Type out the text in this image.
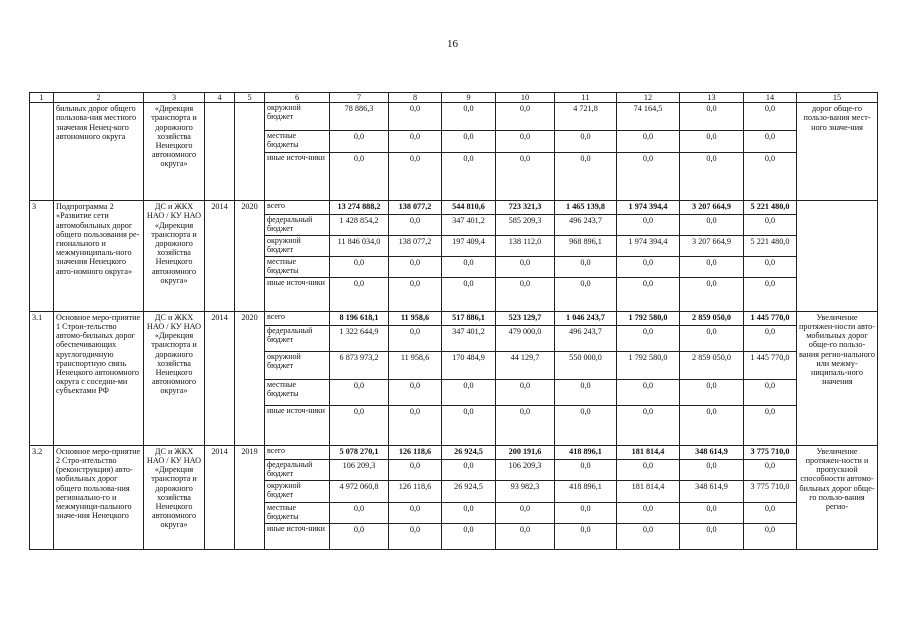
16
1	2	3	4	5	6	7	8	9	10	11	12	13	14	15
	бильных дорог общего пользова-ния местного значения Ненец-кого автономного округа	«Дирекция транспорта и дорожного хозяйства Ненецкого автономного округа»			окружной бюджет	78 886,3	0,0	0,0	0,0	4 721,8	74 164,5	0,0	0,0	дорог обще-го пользо-вания мест-ного значе-ния
					местные бюджеты	0,0	0,0	0,0	0,0	0,0	0,0	0,0	0,0	
					иные источ-ники	0,0	0,0	0,0	0,0	0,0	0,0	0,0	0,0	
3	Подпрограмма 2 «Развитие сети автомобильных дорог общего пользования ре-гионального и межмуниципаль-ного значения Ненецкого авто-номного округа»	ДС и ЖКХ НАО / КУ НАО «Дирекция транспорта и дорожного хозяйства Ненецкого автономного округа»	2014	2020	всего	13 274 888,2	138 077,2	544 810,6	723 321,3	1 465 139,8	1 974 394,4	3 207 664,9	5 221 480,0	
					федеральный бюджет	1 428 854,2	0,0	347 401,2	585 209,3	496 243,7	0,0	0,0	0,0	
					окружной бюджет	11 846 034,0	138 077,2	197 409,4	138 112,0	968 896,1	1 974 394,4	3 207 664,9	5 221 480,0	
					местные бюджеты	0,0	0,0	0,0	0,0	0,0	0,0	0,0	0,0	
					иные источ-ники	0,0	0,0	0,0	0,0	0,0	0,0	0,0	0,0	
3.1	Основное меро-приятие 1 Строи-тельство автомо-бильных дорог обеспечивающих круглогодичную транспортную связь Ненецкого автономного округа с соседни-ми субъектами РФ	ДС и ЖКХ НАО / КУ НАО «Дирекция транспорта и дорожного хозяйства Ненецкого автономного округа»	2014	2020	всего	8 196 618,1	11 958,6	517 886,1	523 129,7	1 046 243,7	1 792 580,0	2 859 050,0	1 445 770,0	Увеличение протяжен-ности авто-мобильных дорог обще-го пользо-вания регио-нального или межму-ниципаль-ного значения
					федеральный бюджет	1 322 644,9	0,0	347 401,2	479 000,0	496 243,7	0,0	0,0	0,0	
					окружной бюджет	6 873 973,2	11 958,6	170 484,9	44 129,7	550 000,0	1 792 580,0	2 859 050,0	1 445 770,0	
					местные бюджеты	0,0	0,0	0,0	0,0	0,0	0,0	0,0	0,0	
					иные источ-ники	0,0	0,0	0,0	0,0	0,0	0,0	0,0	0,0	
3.2	Основное меро-приятие 2 Стро-ительство (реконструкция) авто-мобильных дорог общего пользова-ния регионально-го и межмуници-пального значе-ния Ненецкого	ДС и ЖКХ НАО / КУ НАО «Дирекция транспорта и дорожного хозяйства Ненецкого автономного округа»	2014	2019	всего	5 078 270,1	126 118,6	26 924,5	200 191,6	418 896,1	181 814,4	348 614,9	3 775 710,0	Увеличение протяжен-ности и пропускной способности автомо-бильных дорог обще-го пользо-вания регио-
					федеральный бюджет	106 209,3	0,0	0,0	106 209,3	0,0	0,0	0,0	0,0	
					окружной бюджет	4 972 060,8	126 118,6	26 924,5	93 982,3	418 896,1	181 814,4	348 614,9	3 775 710,0	
					местные бюджеты	0,0	0,0	0,0	0,0	0,0	0,0	0,0	0,0	
					иные источ-ники	0,0	0,0	0,0	0,0	0,0	0,0	0,0	0,0	
